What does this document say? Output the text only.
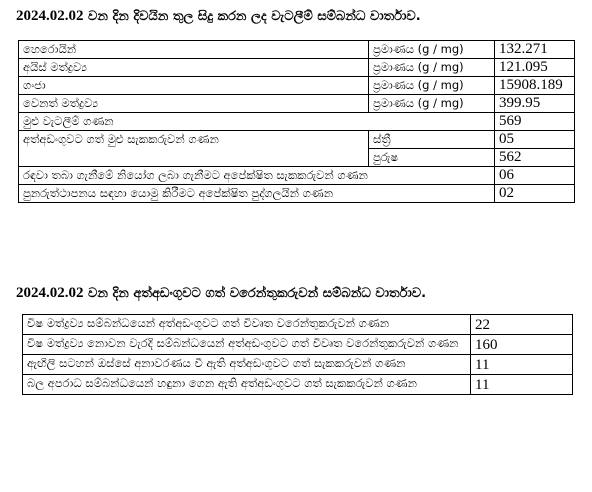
2024.02.02 වන දින දිවයින තුල සිදු කරන ලද වැටලීම් සම්බන්ධ වාර්තාව.
හෙරොයින්	ප්‍රමාණය (g / mg)	132.271
අයිස් මත්ද්‍රව්‍ය	ප්‍රමාණය (g / mg)	121.095
ගංජා	ප්‍රමාණය (g / mg)	15908.189
වෙනත් මත්ද්‍රව්‍ය	ප්‍රමාණය (g / mg)	399.95
මුළු වැටලීම් ගණන		569
අත්අඩංගුවට ගත් මුළු සැකකරුවන් ගණන	ස්ත්‍රී	05
	පුරුෂ	562
රඳවා තබා ගැනීමේ නියෝග ලබා ගැනීමට අපේක්ෂිත සැකකරුවන් ගණන		06
පුනරුත්ථාපනය සඳහා යොමු කිරීමට අපේක්ෂිත පුද්ගලයින් ගණන		02
2024.02.02 වන දින අත්අඩංගුවට ගත් වරෙන්තුකරුවන් සම්බන්ධ වාර්තාව.
විෂ මත්ද්‍රව්‍ය සම්බන්ධයෙන් අත්අඩංගුවට ගත් විවෘත වරෙන්තුකරුවන් ගණන	22
විෂ මත්ද්‍රව්‍ය නොවන වැරදි සම්බන්ධයෙන් අත්අඩංගුවට ගත් විවෘත වරෙන්තුකරුවන් ගණන	160
ඇඟිලි සටහන් ඔස්සේ අනාවරණය වී ඇති අත්අඩංගුවට ගත් සැකකරුවන් ගණන	11
බල අපරාධ සම්බන්ධයෙන් හඳුනා ගෙන ඇති අත්අඩංගුවට ගත් සැකකරුවන් ගණන	11
